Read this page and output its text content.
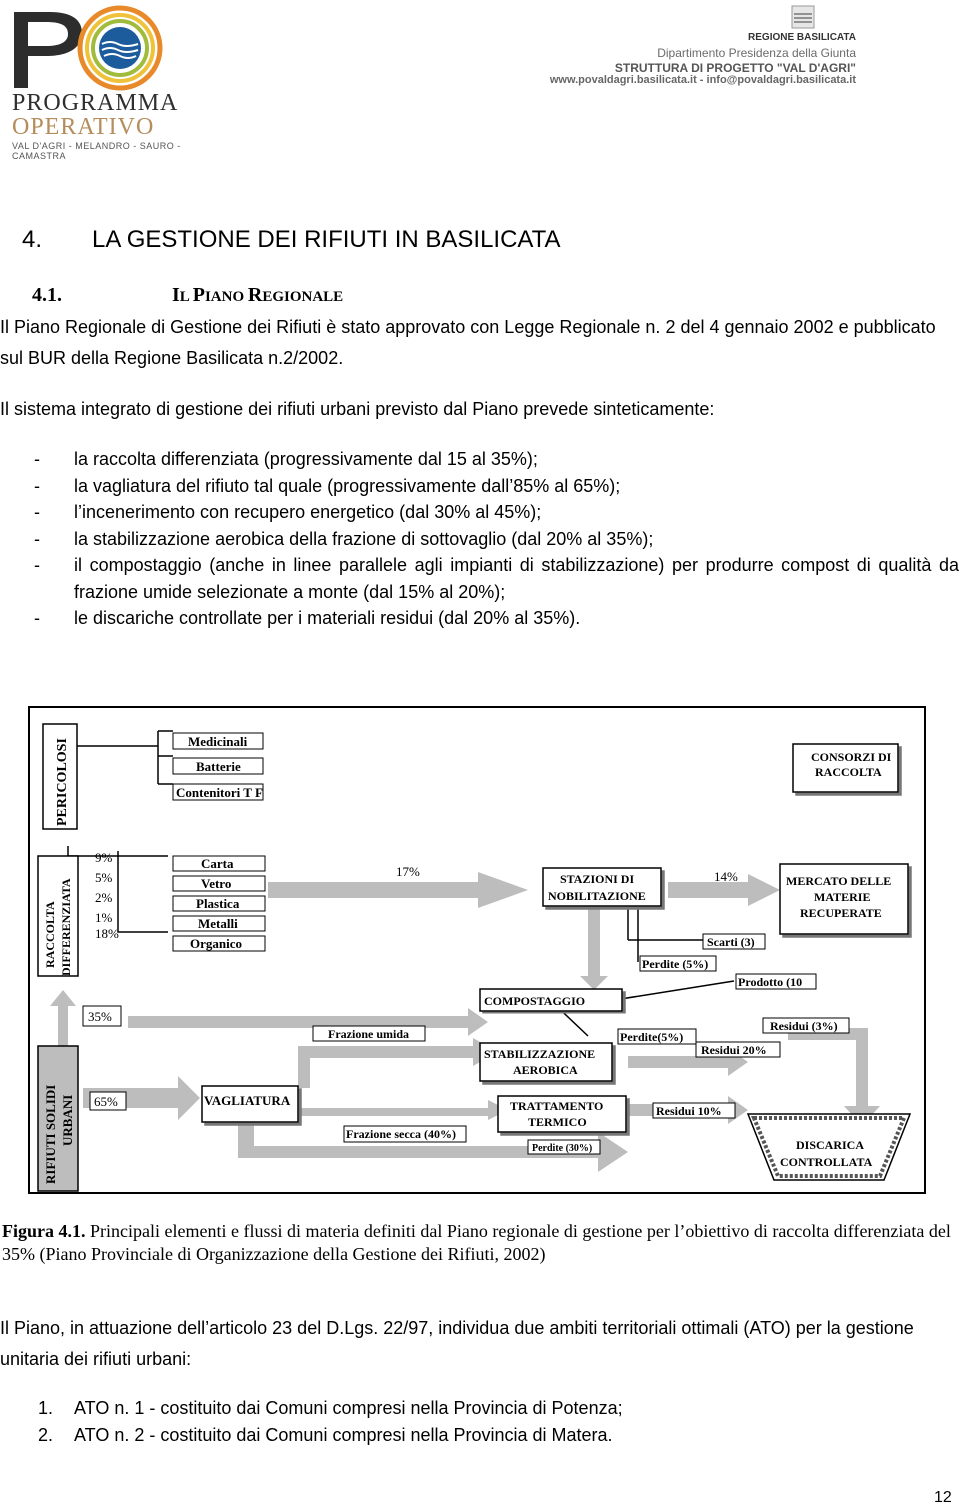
PROGRAMMA
OPERATIVO
VAL D'AGRI - MELANDRO - SAURO - CAMASTRA
REGIONE BASILICATA
Dipartimento Presidenza della Giunta
STRUTTURA DI PROGETTO "VAL D'AGRI"
www.povaldagri.basilicata.it - info@povaldagri.basilicata.it
4. LA GESTIONE DEI RIFIUTI IN BASILICATA
4.1.	IL PIANO REGIONALE
Il Piano Regionale di Gestione dei Rifiuti è stato approvato con Legge Regionale n. 2 del 4 gennaio 2002 e pubblicato sul BUR della Regione Basilicata n.2/2002.
Il sistema integrato di gestione dei rifiuti urbani previsto dal Piano prevede sinteticamente:
- la raccolta differenziata (progressivamente dal 15 al 35%);
- la vagliatura del rifiuto tal quale (progressivamente dall’85% al 65%);
- l’incenerimento con recupero energetico (dal 30% al 45%);
- la stabilizzazione aerobica della frazione di sottovaglio (dal 20% al 35%);
- il compostaggio (anche in linee parallele agli impianti di stabilizzazione) per produrre compost di qualità da frazione umide selezionate a monte (dal 15% al 20%);
- le discariche controllate per i materiali residui (dal 20% al 35%).
PERICOLOSI	Medicinali
Batterie
Contenitori T F
CONSORZI DI
RACCOLTA
RACCOLTA DIFFERENZIATA
9%
5%
2%
1%
18%
Carta
Vetro
Plastica
Metalli
Organico
17%	STAZIONI DI
NOBILITAZIONE
14%	MERCATO DELLE
MATERIE
RECUPERATE
Scarti (3)
Perdite (5%)
Prodotto (10
COMPOSTAGGIO
35%
Frazione umida
Residui (3%)
Perdite(5%)
Residui 20%
STABILIZZAZIONE
AEROBICA
RIFIUTI SOLIDI URBANI 65%	VAGLIATURA	TRATTAMENTO
TERMICO
Residui 10%
Frazione secca (40%)
Perdite (30%)	DISCARICA
CONTROLLATA
Figura 4.1. Principali elementi e flussi di materia definiti dal Piano regionale di gestione per l’obiettivo di raccolta differenziata del 35% (Piano Provinciale di Organizzazione della Gestione dei Rifiuti, 2002)
Il Piano, in attuazione dell’articolo 23 del D.Lgs. 22/97, individua due ambiti territoriali ottimali (ATO) per la gestione unitaria dei rifiuti urbani:
1. ATO n. 1 - costituito dai Comuni compresi nella Provincia di Potenza;
2. ATO n. 2 - costituito dai Comuni compresi nella Provincia di Matera.
12
